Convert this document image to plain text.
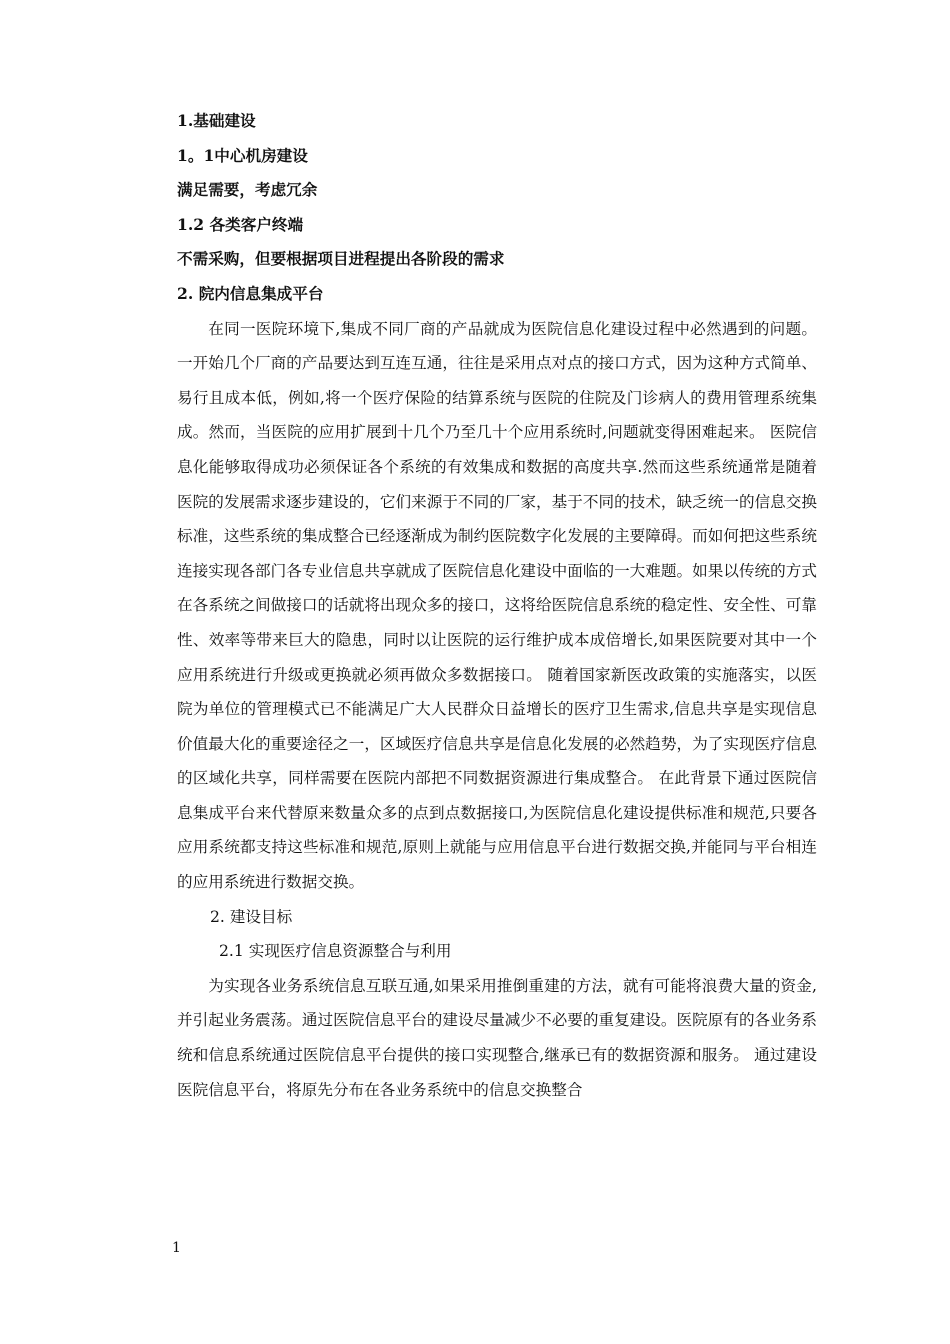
1.基础建设
1。1中心机房建设
满足需要，考虑冗余
1.2 各类客户终端
不需采购，但要根据项目进程提出各阶段的需求
2. 院内信息集成平台

在同一医院环境下,集成不同厂商的产品就成为医院信息化建设过程中必然遇到的问题。一开始几个厂商的产品要达到互连互通，往往是采用点对点的接口方式，因为这种方式简单、易行且成本低，例如,将一个医疗保险的结算系统与医院的住院及门诊病人的费用管理系统集成。然而，当医院的应用扩展到十几个乃至几十个应用系统时,问题就变得困难起来。 医院信息化能够取得成功必须保证各个系统的有效集成和数据的高度共享.然而这些系统通常是随着医院的发展需求逐步建设的，它们来源于不同的厂家，基于不同的技术，缺乏统一的信息交换标准，这些系统的集成整合已经逐渐成为制约医院数字化发展的主要障碍。而如何把这些系统连接实现各部门各专业信息共享就成了医院信息化建设中面临的一大难题。如果以传统的方式在各系统之间做接口的话就将出现众多的接口，这将给医院信息系统的稳定性、安全性、可靠性、效率等带来巨大的隐患，同时以让医院的运行维护成本成倍增长,如果医院要对其中一个应用系统进行升级或更换就必须再做众多数据接口。 随着国家新医改政策的实施落实，以医院为单位的管理模式已不能满足广大人民群众日益增长的医疗卫生需求,信息共享是实现信息价值最大化的重要途径之一，区域医疗信息共享是信息化发展的必然趋势，为了实现医疗信息的区域化共享，同样需要在医院内部把不同数据资源进行集成整合。 在此背景下通过医院信息集成平台来代替原来数量众多的点到点数据接口,为医院信息化建设提供标准和规范,只要各应用系统都支持这些标准和规范,原则上就能与应用信息平台进行数据交换,并能同与平台相连的应用系统进行数据交换。

2. 建设目标
2.1 实现医疗信息资源整合与利用

为实现各业务系统信息互联互通,如果采用推倒重建的方法，就有可能将浪费大量的资金,并引起业务震荡。通过医院信息平台的建设尽量减少不必要的重复建设。医院原有的各业务系统和信息系统通过医院信息平台提供的接口实现整合,继承已有的数据资源和服务。 通过建设医院信息平台，将原先分布在各业务系统中的信息交换整合

1
